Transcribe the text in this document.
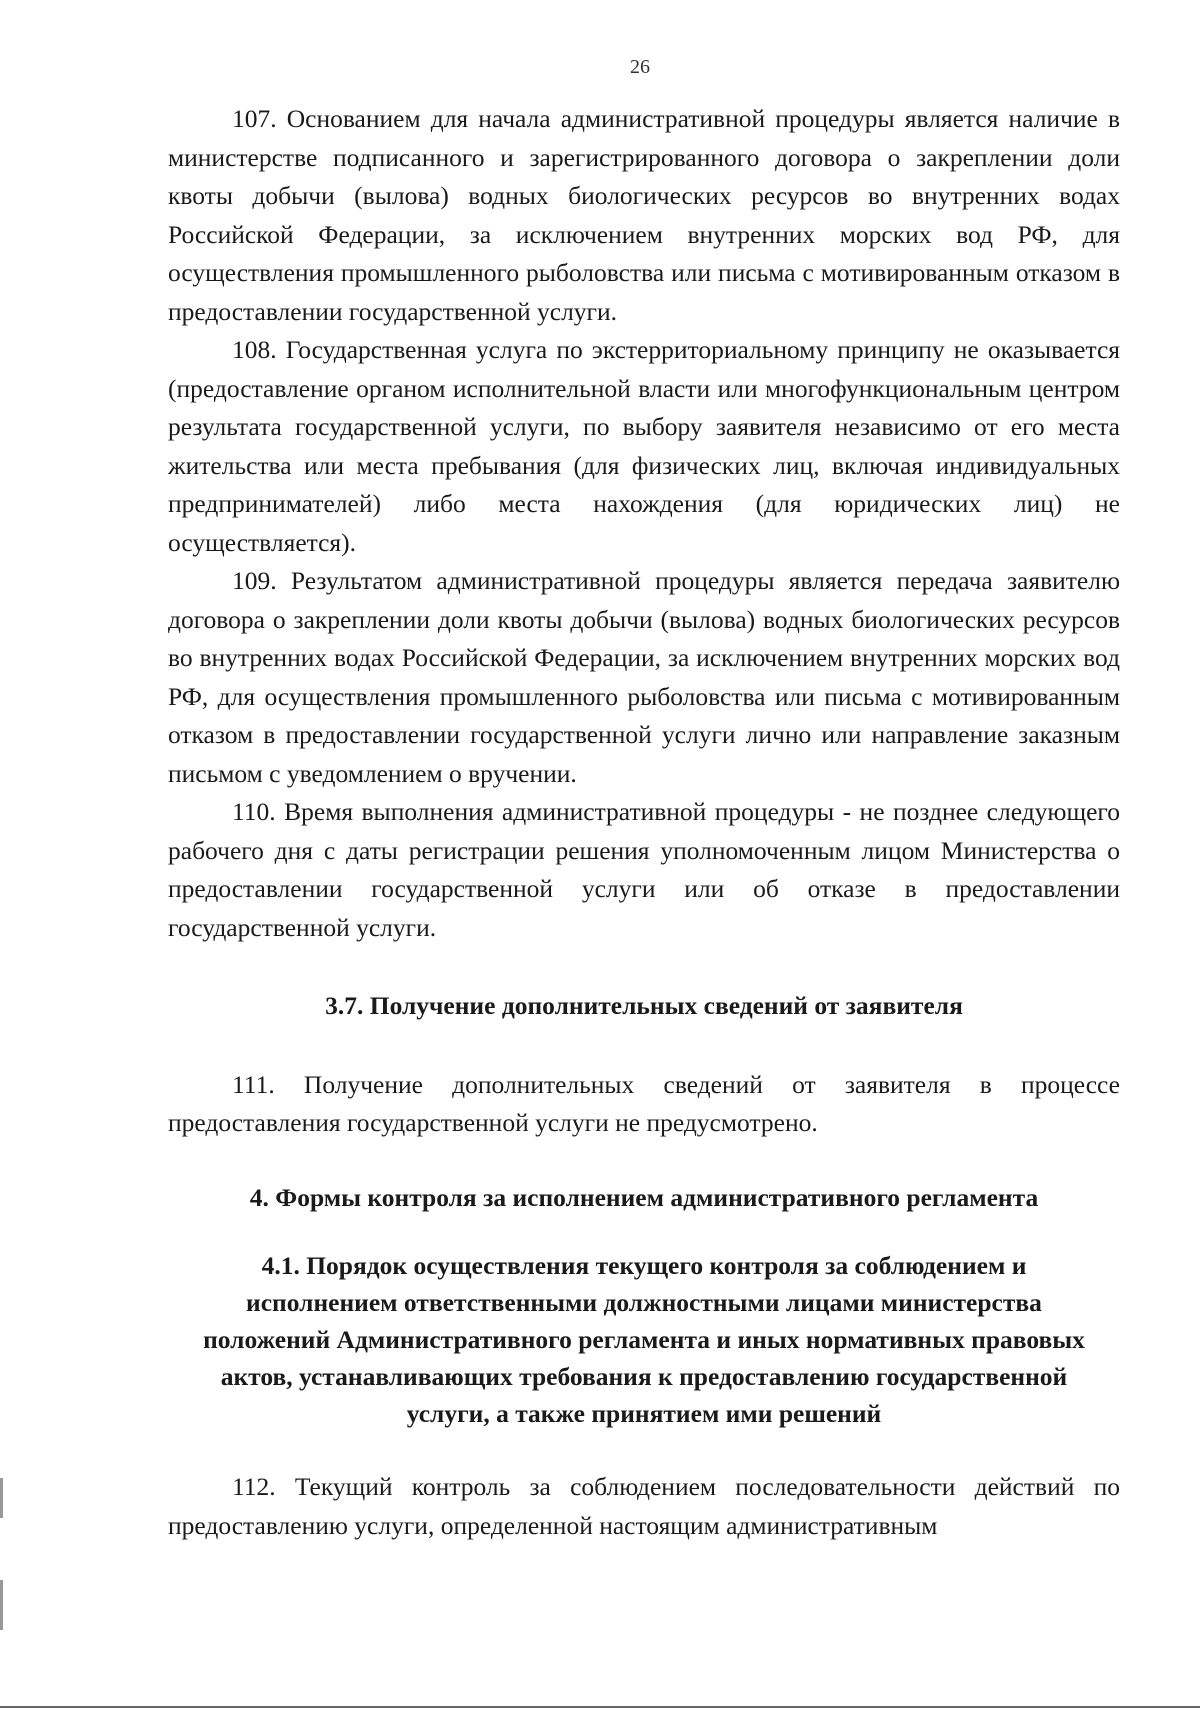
26

107. Основанием для начала административной процедуры является наличие в министерстве подписанного и зарегистрированного договора о закреплении доли квоты добычи (вылова) водных биологических ресурсов во внутренних водах Российской Федерации, за исключением внутренних морских вод РФ, для осуществления промышленного рыболовства или письма с мотивированным отказом в предоставлении государственной услуги.

108. Государственная услуга по экстерриториальному принципу не оказывается (предоставление органом исполнительной власти или многофункциональным центром результата государственной услуги, по выбору заявителя независимо от его места жительства или места пребывания (для физических лиц, включая индивидуальных предпринимателей) либо места нахождения (для юридических лиц) не осуществляется).

109. Результатом административной процедуры является передача заявителю договора о закреплении доли квоты добычи (вылова) водных биологических ресурсов во внутренних водах Российской Федерации, за исключением внутренних морских вод РФ, для осуществления промышленного рыболовства или письма с мотивированным отказом в предоставлении государственной услуги лично или направление заказным письмом с уведомлением о вручении.

110. Время выполнения административной процедуры - не позднее следующего рабочего дня с даты регистрации решения уполномоченным лицом Министерства о предоставлении государственной услуги или об отказе в предоставлении государственной услуги.

3.7. Получение дополнительных сведений от заявителя

111. Получение дополнительных сведений от заявителя в процессе предоставления государственной услуги не предусмотрено.

4. Формы контроля за исполнением административного регламента
4.1. Порядок осуществления текущего контроля за соблюдением и исполнением ответственными должностными лицами министерства положений Административного регламента и иных нормативных правовых актов, устанавливающих требования к предоставлению государственной услуги, а также принятием ими решений

112. Текущий контроль за соблюдением последовательности действий по предоставлению услуги, определенной настоящим административным
